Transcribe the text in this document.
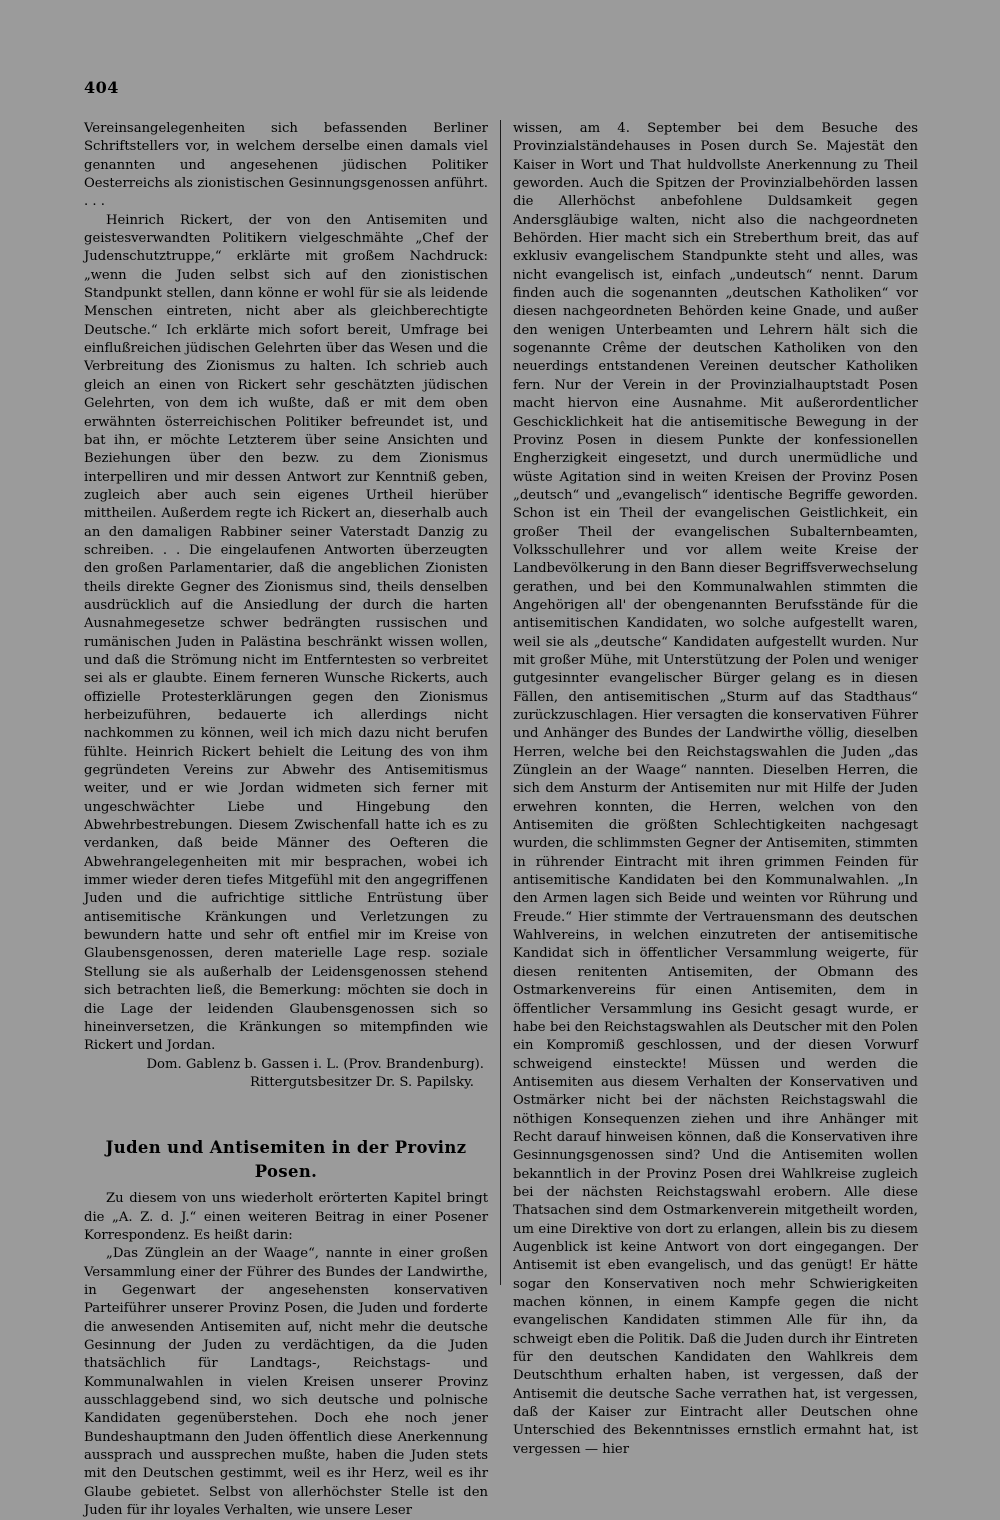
404

Vereinsangelegenheiten sich befassenden Berliner Schriftstellers vor, in welchem derselbe einen damals viel genannten und angesehenen jüdischen Politiker Oesterreichs als zionistischen Gesinnungsgenossen anführt. . . .

Heinrich Rickert, der von den Antisemiten und geistesverwandten Politikern vielgeschmähte „Chef der Judenschutztruppe,“ erklärte mit großem Nachdruck: „wenn die Juden selbst sich auf den zionistischen Standpunkt stellen, dann könne er wohl für sie als leidende Menschen eintreten, nicht aber als gleichberechtigte Deutsche.“ Ich erklärte mich sofort bereit, Umfrage bei einflußreichen jüdischen Gelehrten über das Wesen und die Verbreitung des Zionismus zu halten. Ich schrieb auch gleich an einen von Rickert sehr geschätzten jüdischen Gelehrten, von dem ich wußte, daß er mit dem oben erwähnten österreichischen Politiker befreundet ist, und bat ihn, er möchte Letzterem über seine Ansichten und Beziehungen über den bezw. zu dem Zionismus interpelliren und mir dessen Antwort zur Kenntniß geben, zugleich aber auch sein eigenes Urtheil hierüber mittheilen. Außerdem regte ich Rickert an, dieserhalb auch an den damaligen Rabbiner seiner Vaterstadt Danzig zu schreiben. . . Die eingelaufenen Antworten überzeugten den großen Parlamentarier, daß die angeblichen Zionisten theils direkte Gegner des Zionismus sind, theils denselben ausdrücklich auf die Ansiedlung der durch die harten Ausnahmegesetze schwer bedrängten russischen und rumänischen Juden in Palästina beschränkt wissen wollen, und daß die Strömung nicht im Entferntesten so verbreitet sei als er glaubte. Einem ferneren Wunsche Rickerts, auch offizielle Protesterklärungen gegen den Zionismus herbeizuführen, bedauerte ich allerdings nicht nachkommen zu können, weil ich mich dazu nicht berufen fühlte. Heinrich Rickert behielt die Leitung des von ihm gegründeten Vereins zur Abwehr des Antisemitismus weiter, und er wie Jordan widmeten sich ferner mit ungeschwächter Liebe und Hingebung den Abwehrbestrebungen. Diesem Zwischenfall hatte ich es zu verdanken, daß beide Männer des Oefteren die Abwehrangelegenheiten mit mir besprachen, wobei ich immer wieder deren tiefes Mitgefühl mit den angegriffenen Juden und die aufrichtige sittliche Entrüstung über antisemitische Kränkungen und Verletzungen zu bewundern hatte und sehr oft entfiel mir im Kreise von Glaubensgenossen, deren materielle Lage resp. soziale Stellung sie als außerhalb der Leidensgenossen stehend sich betrachten ließ, die Bemerkung: möchten sie doch in die Lage der leidenden Glaubensgenossen sich so hineinversetzen, die Kränkungen so mitempfinden wie Rickert und Jordan.

Dom. Gablenz b. Gassen i. L. (Prov. Brandenburg).

Rittergutsbesitzer Dr. S. Papilsky.

Juden und Antisemiten in der Provinz Posen.

Zu diesem von uns wiederholt erörterten Kapitel bringt die „A. Z. d. J.“ einen weiteren Beitrag in einer Posener Korrespondenz. Es heißt darin:

„Das Zünglein an der Waage“, nannte in einer großen Versammlung einer der Führer des Bundes der Landwirthe, in Gegenwart der angesehensten konservativen Parteiführer unserer Provinz Posen, die Juden und forderte die anwesenden Antisemiten auf, nicht mehr die deutsche Gesinnung der Juden zu verdächtigen, da die Juden thatsächlich für Landtags-, Reichstags- und Kommunalwahlen in vielen Kreisen unserer Provinz ausschlaggebend sind, wo sich deutsche und polnische Kandidaten gegenüberstehen. Doch ehe noch jener Bundeshauptmann den Juden öffentlich diese Anerkennung aussprach und aussprechen mußte, haben die Juden stets mit den Deutschen gestimmt, weil es ihr Herz, weil es ihr Glaube gebietet. Selbst von allerhöchster Stelle ist den Juden für ihr loyales Verhalten, wie unsere Leser

wissen, am 4. September bei dem Besuche des Provinzialständehauses in Posen durch Se. Majestät den Kaiser in Wort und That huldvollste Anerkennung zu Theil geworden. Auch die Spitzen der Provinzialbehörden lassen die Allerhöchst anbefohlene Duldsamkeit gegen Andersgläubige walten, nicht also die nachgeordneten Behörden. Hier macht sich ein Streberthum breit, das auf exklusiv evangelischem Standpunkte steht und alles, was nicht evangelisch ist, einfach „undeutsch“ nennt. Darum finden auch die sogenannten „deutschen Katholiken“ vor diesen nachgeordneten Behörden keine Gnade, und außer den wenigen Unterbeamten und Lehrern hält sich die sogenannte Crême der deutschen Katholiken von den neuerdings entstandenen Vereinen deutscher Katholiken fern. Nur der Verein in der Provinzialhauptstadt Posen macht hiervon eine Ausnahme. Mit außerordentlicher Geschicklichkeit hat die antisemitische Bewegung in der Provinz Posen in diesem Punkte der konfessionellen Engherzigkeit eingesetzt, und durch unermüdliche und wüste Agitation sind in weiten Kreisen der Provinz Posen „deutsch“ und „evangelisch“ identische Begriffe geworden. Schon ist ein Theil der evangelischen Geistlichkeit, ein großer Theil der evangelischen Subalternbeamten, Volksschullehrer und vor allem weite Kreise der Landbevölkerung in den Bann dieser Begriffsverwechselung gerathen, und bei den Kommunalwahlen stimmten die Angehörigen all' der obengenannten Berufsstände für die antisemitischen Kandidaten, wo solche aufgestellt waren, weil sie als „deutsche“ Kandidaten aufgestellt wurden. Nur mit großer Mühe, mit Unterstützung der Polen und weniger gutgesinnter evangelischer Bürger gelang es in diesen Fällen, den antisemitischen „Sturm auf das Stadthaus“ zurückzuschlagen. Hier versagten die konservativen Führer und Anhänger des Bundes der Landwirthe völlig, dieselben Herren, welche bei den Reichstagswahlen die Juden „das Zünglein an der Waage“ nannten. Dieselben Herren, die sich dem Ansturm der Antisemiten nur mit Hilfe der Juden erwehren konnten, die Herren, welchen von den Antisemiten die größten Schlechtigkeiten nachgesagt wurden, die schlimmsten Gegner der Antisemiten, stimmten in rührender Eintracht mit ihren grimmen Feinden für antisemitische Kandidaten bei den Kommunalwahlen. „In den Armen lagen sich Beide und weinten vor Rührung und Freude.“ Hier stimmte der Vertrauensmann des deutschen Wahlvereins, in welchen einzutreten der antisemitische Kandidat sich in öffentlicher Versammlung weigerte, für diesen renitenten Antisemiten, der Obmann des Ostmarkenvereins für einen Antisemiten, dem in öffentlicher Versammlung ins Gesicht gesagt wurde, er habe bei den Reichstagswahlen als Deutscher mit den Polen ein Kompromiß geschlossen, und der diesen Vorwurf schweigend einsteckte! Müssen und werden die Antisemiten aus diesem Verhalten der Konservativen und Ostmärker nicht bei der nächsten Reichstagswahl die nöthigen Konsequenzen ziehen und ihre Anhänger mit Recht darauf hinweisen können, daß die Konservativen ihre Gesinnungsgenossen sind? Und die Antisemiten wollen bekanntlich in der Provinz Posen drei Wahlkreise zugleich bei der nächsten Reichstagswahl erobern. Alle diese Thatsachen sind dem Ostmarkenverein mitgetheilt worden, um eine Direktive von dort zu erlangen, allein bis zu diesem Augenblick ist keine Antwort von dort eingegangen. Der Antisemit ist eben evangelisch, und das genügt! Er hätte sogar den Konservativen noch mehr Schwierigkeiten machen können, in einem Kampfe gegen die nicht evangelischen Kandidaten stimmen Alle für ihn, da schweigt eben die Politik. Daß die Juden durch ihr Eintreten für den deutschen Kandidaten den Wahlkreis dem Deutschthum erhalten haben, ist vergessen, daß der Antisemit die deutsche Sache verrathen hat, ist vergessen, daß der Kaiser zur Eintracht aller Deutschen ohne Unterschied des Bekenntnisses ernstlich ermahnt hat, ist vergessen — hier
